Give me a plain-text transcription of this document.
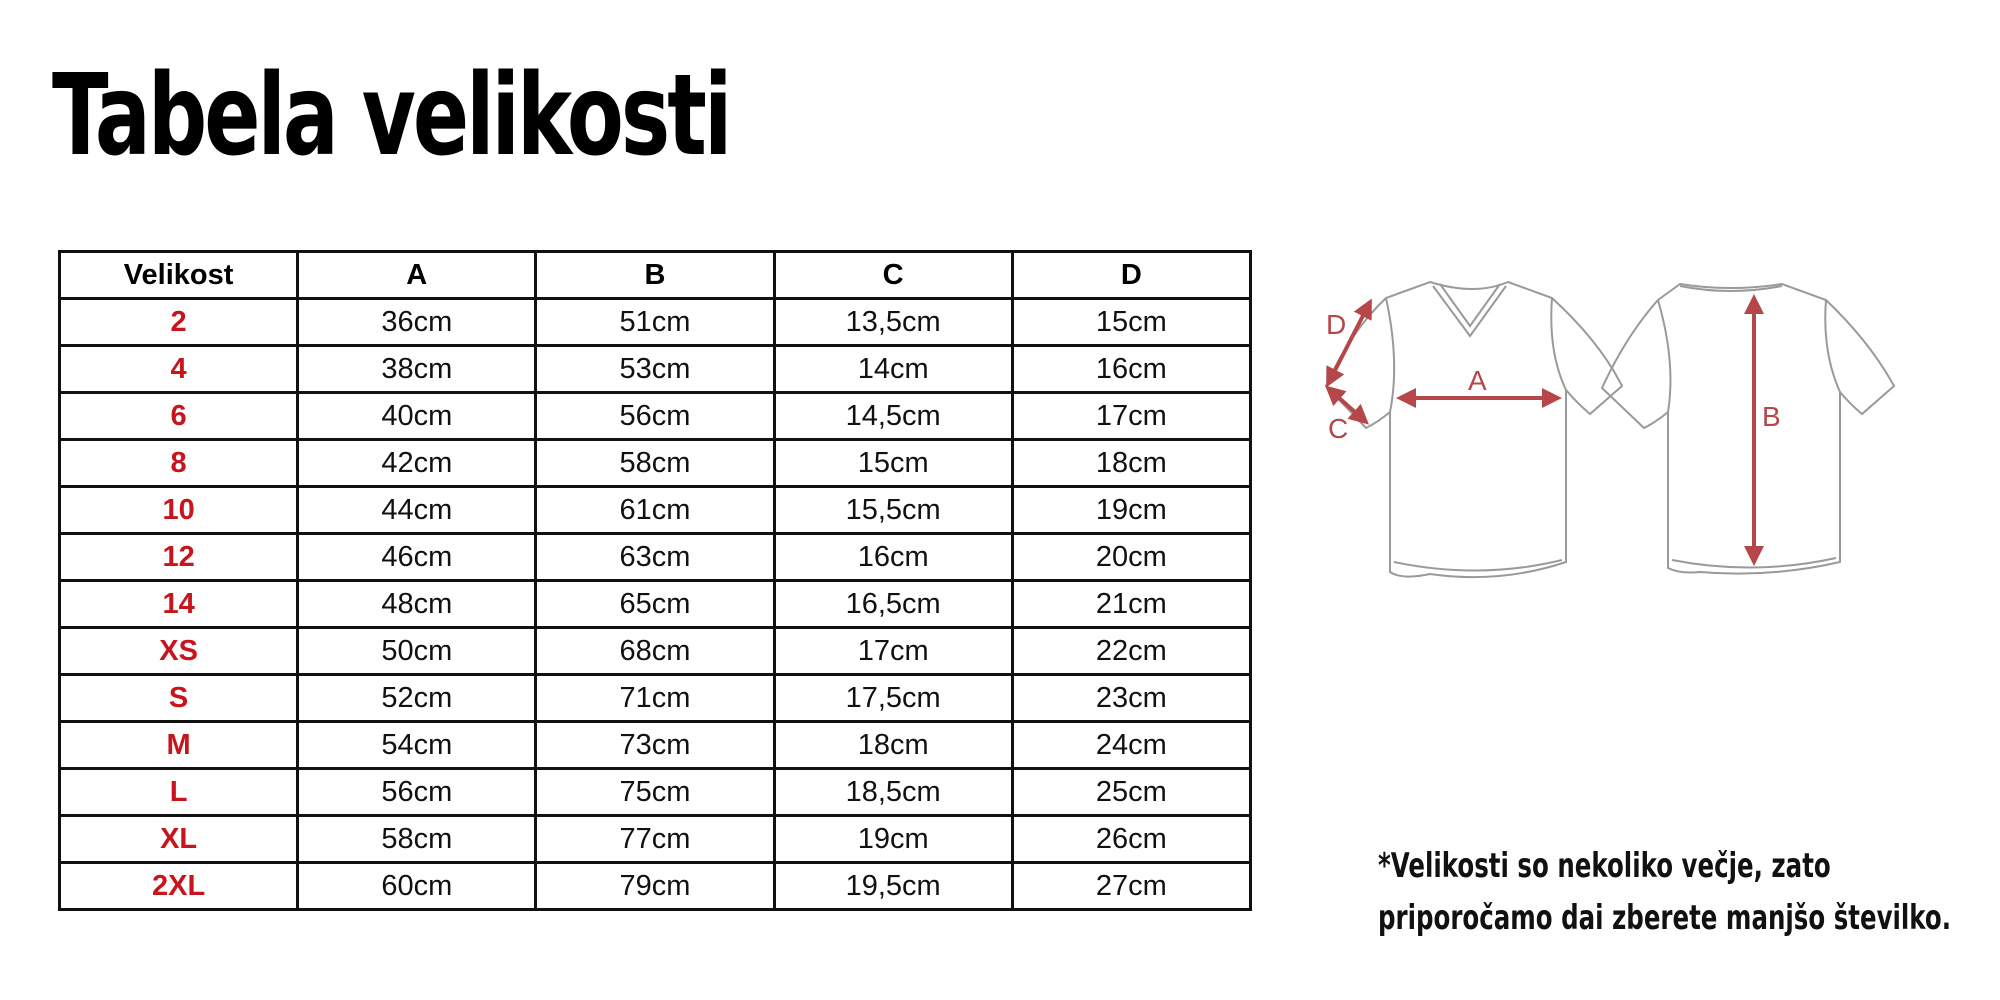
Tabela velikosti
Velikost	A	B	C	D
2	36cm	51cm	13,5cm	15cm
4	38cm	53cm	14cm	16cm
6	40cm	56cm	14,5cm	17cm
8	42cm	58cm	15cm	18cm
10	44cm	61cm	15,5cm	19cm
12	46cm	63cm	16cm	20cm
14	48cm	65cm	16,5cm	21cm
XS	50cm	68cm	17cm	22cm
S	52cm	71cm	17,5cm	23cm
M	54cm	73cm	18cm	24cm
L	56cm	75cm	18,5cm	25cm
XL	58cm	77cm	19cm	26cm
2XL	60cm	79cm	19,5cm	27cm
A
B
C
D
*Velikosti so nekoliko večje, zato
priporočamo dai zberete manjšo številko.
